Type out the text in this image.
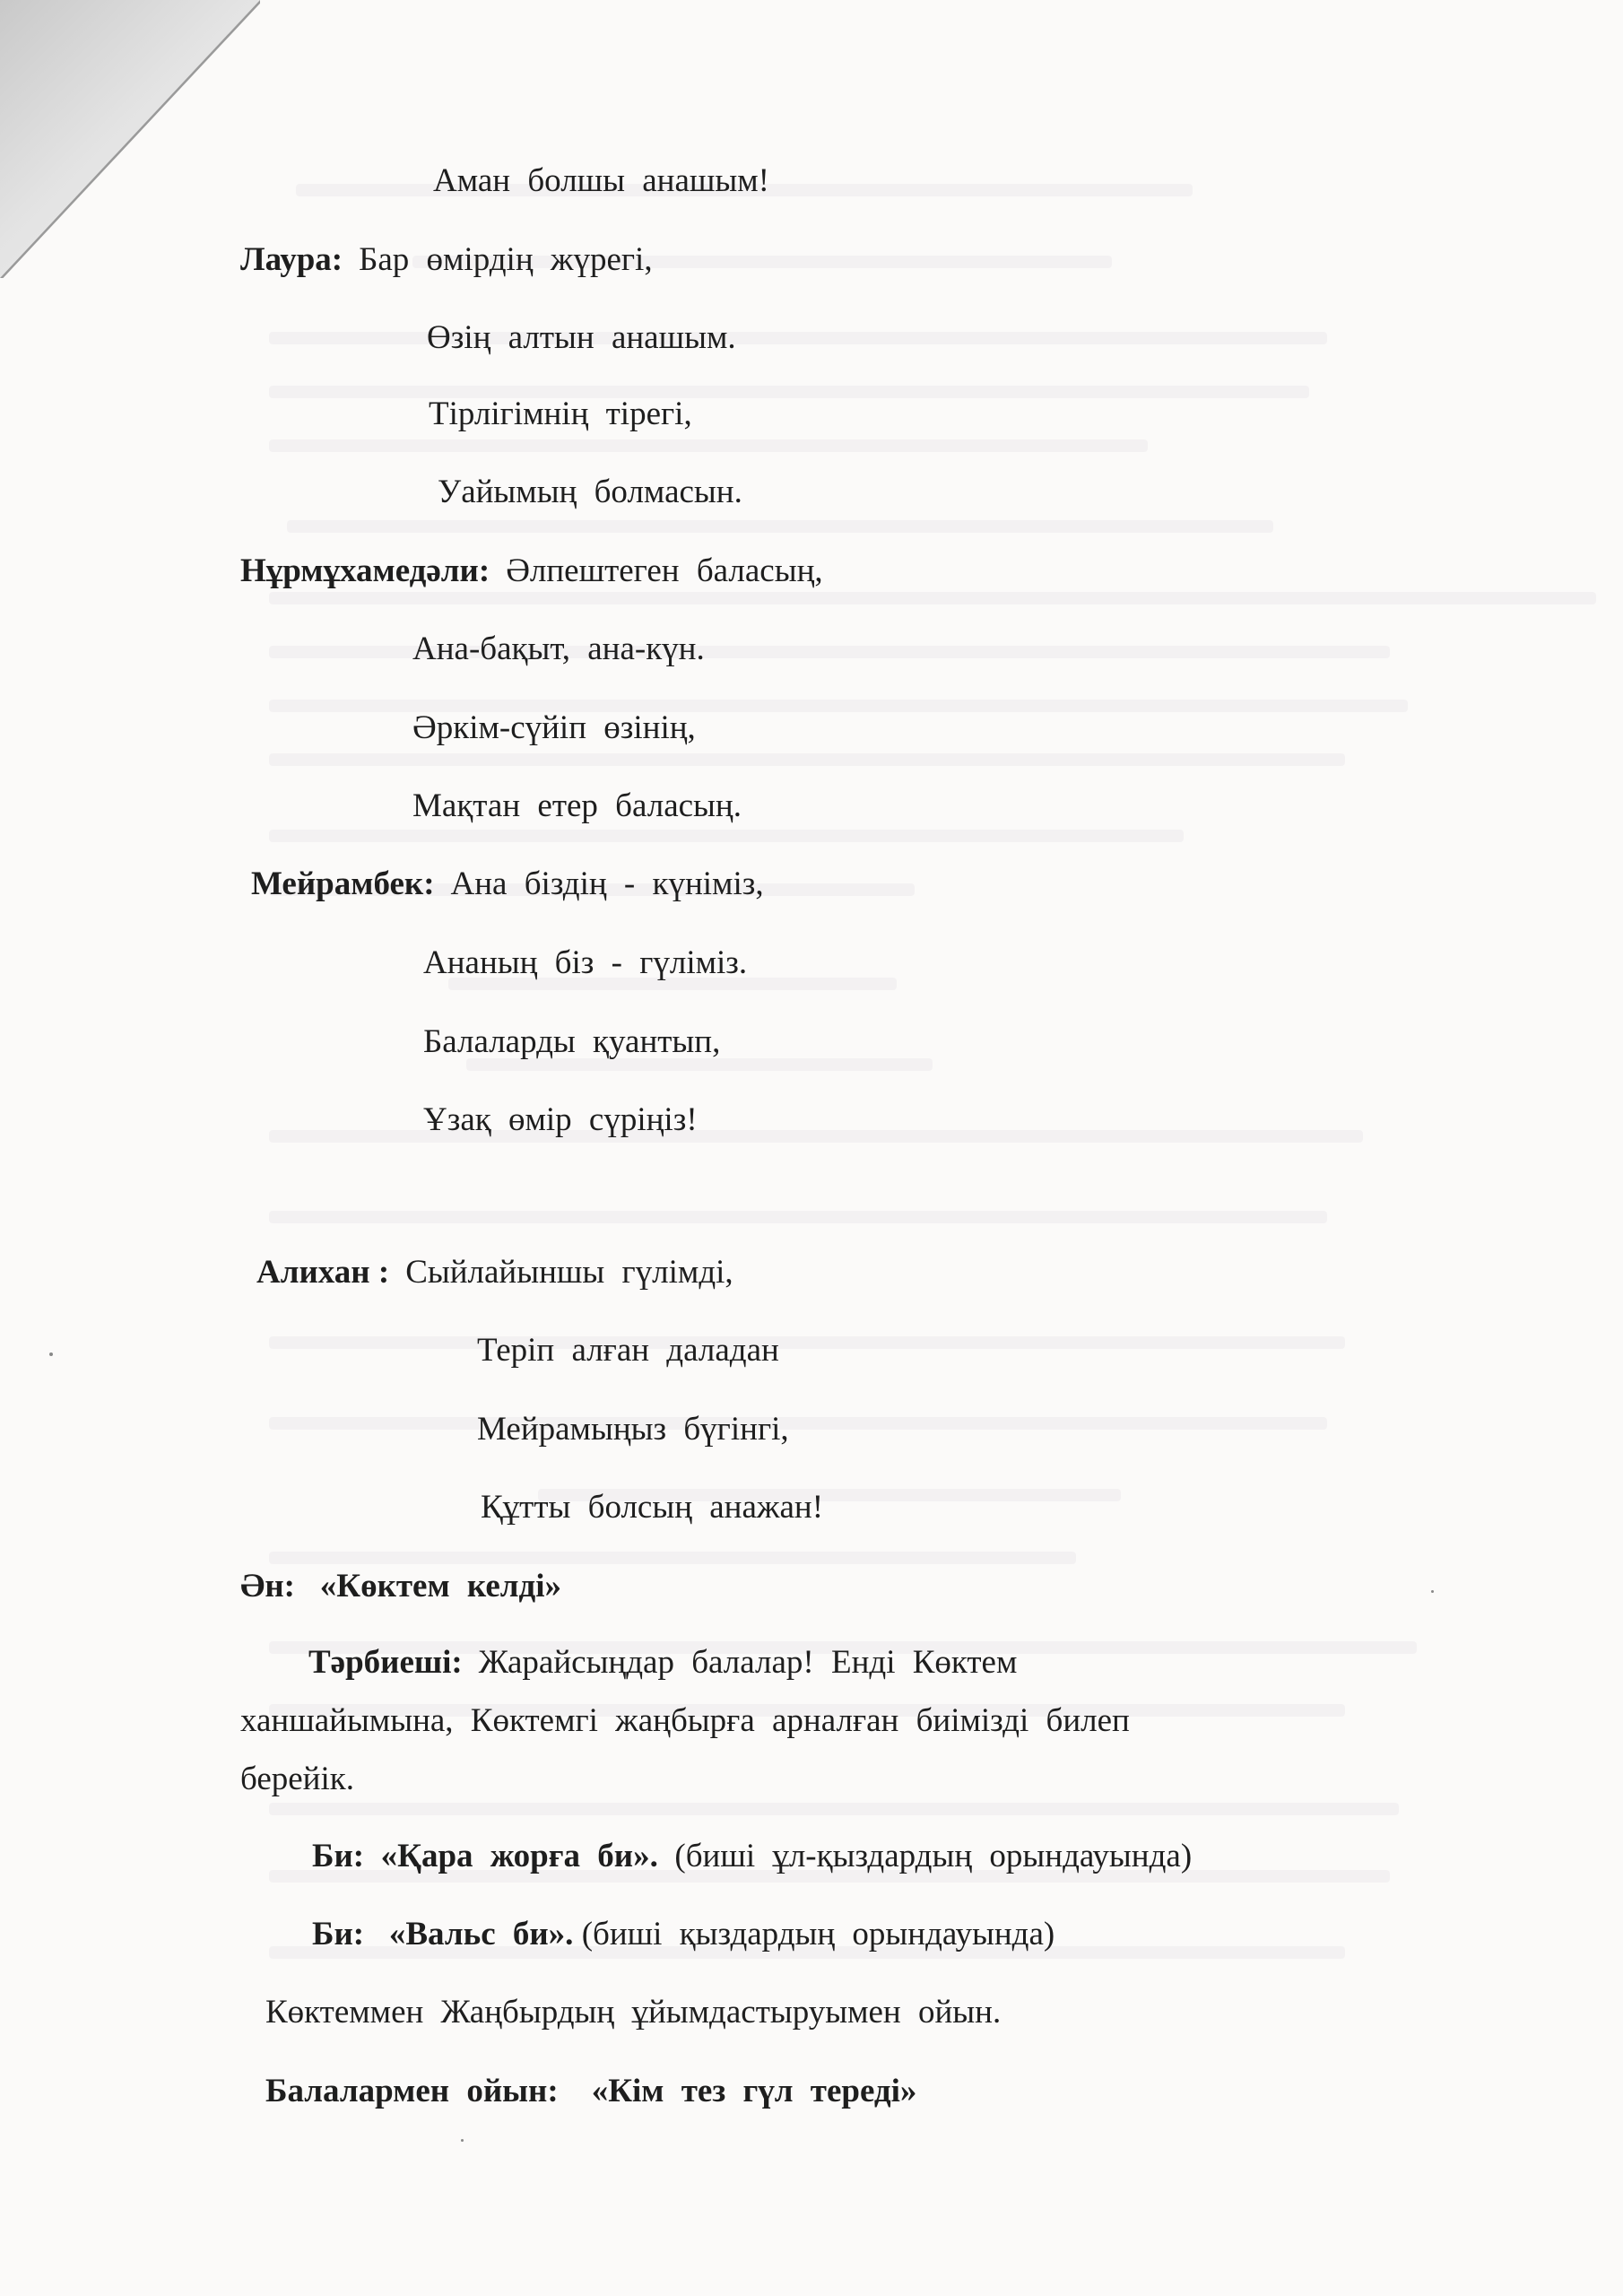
Аман болшы анашым!
Лаура: Бар өмірдің жүрегі,
Өзің алтын анашым.
Тірлігімнің тірегі,
Уайымың болмасын.
Нұрмұхамедәли: Әлпештеген баласың,
Ана-бақыт, ана-күн.
Әркім-сүйіп өзінің,
Мақтан етер баласың.
Мейрамбек: Ана біздің - күніміз,
Ананың біз - гүліміз.
Балаларды қуантып,
Ұзақ өмір сүріңіз!
Алихан : Сыйлайыншы гүлімді,
Теріп алған даладан
Мейрамыңыз бүгінгі,
Құтты болсың анажан!
Ән: «Көктем келді»
Тәрбиеші: Жарайсыңдар балалар! Енді Көктем
ханшайымына, Көктемгі жаңбырға арналған биімізді билеп
берейік.
Би: «Қара жорға би». (биші ұл-қыздардың орындауында)
Би: «Вальс би». (биші қыздардың орындауында)
Көктеммен Жаңбырдың ұйымдастыруымен ойын.
Балалармен ойын: «Кім тез гүл тереді»
